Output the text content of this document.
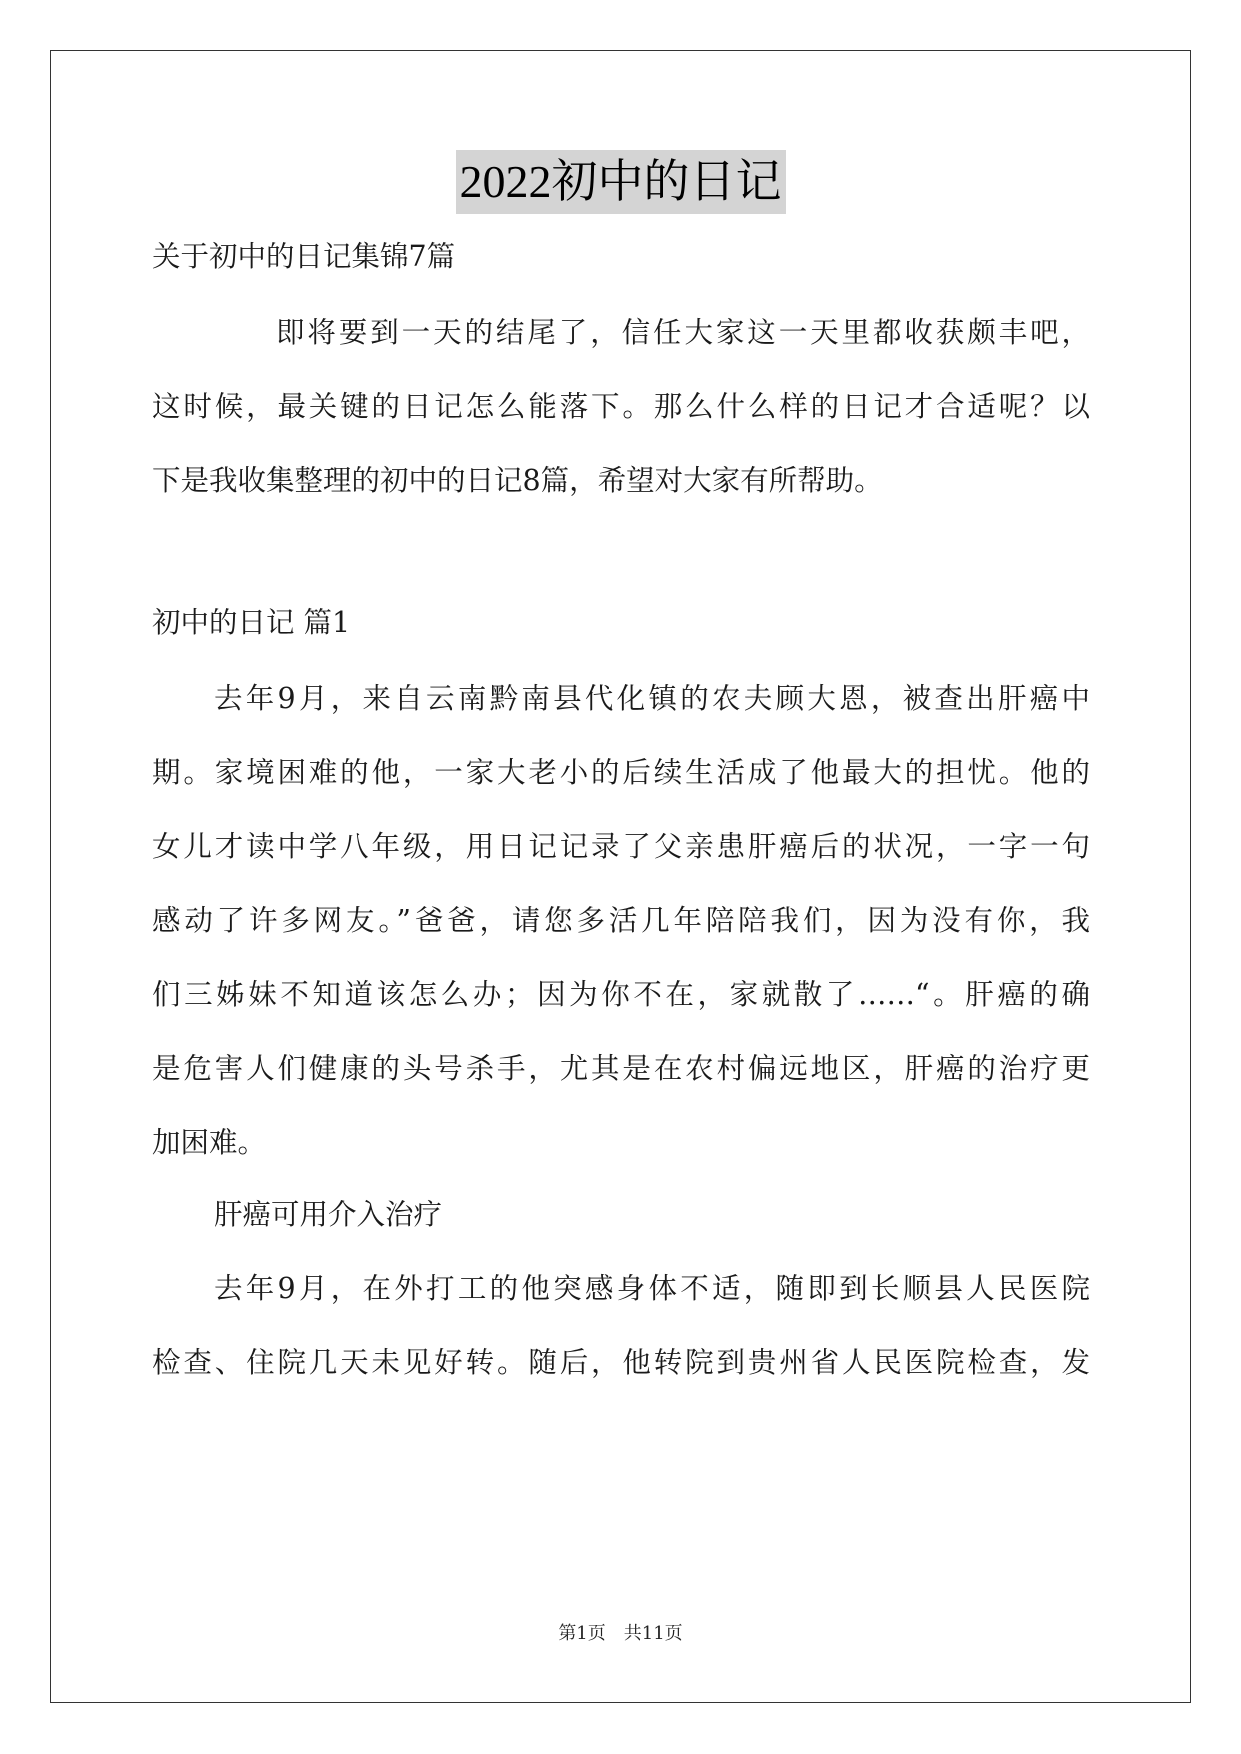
2022初中的日记
关于初中的日记集锦7篇
即将要到一天的结尾了，信任大家这一天里都收获颇丰吧，
这时候，最关键的日记怎么能落下。那么什么样的日记才合适呢？以
下是我收集整理的初中的日记8篇，希望对大家有所帮助。
初中的日记 篇1
去年9月，来自云南黔南县代化镇的农夫顾大恩，被查出肝癌中
期。家境困难的他，一家大老小的后续生活成了他最大的担忧。他的
女儿才读中学八年级，用日记记录了父亲患肝癌后的状况，一字一句
感动了许多网友。”爸爸，请您多活几年陪陪我们，因为没有你，我
们三姊妹不知道该怎么办；因为你不在，家就散了……“。肝癌的确
是危害人们健康的头号杀手，尤其是在农村偏远地区，肝癌的治疗更
加困难。
肝癌可用介入治疗
去年9月，在外打工的他突感身体不适，随即到长顺县人民医院
检查、住院几天未见好转。随后，他转院到贵州省人民医院检查，发
第1页　共11页
